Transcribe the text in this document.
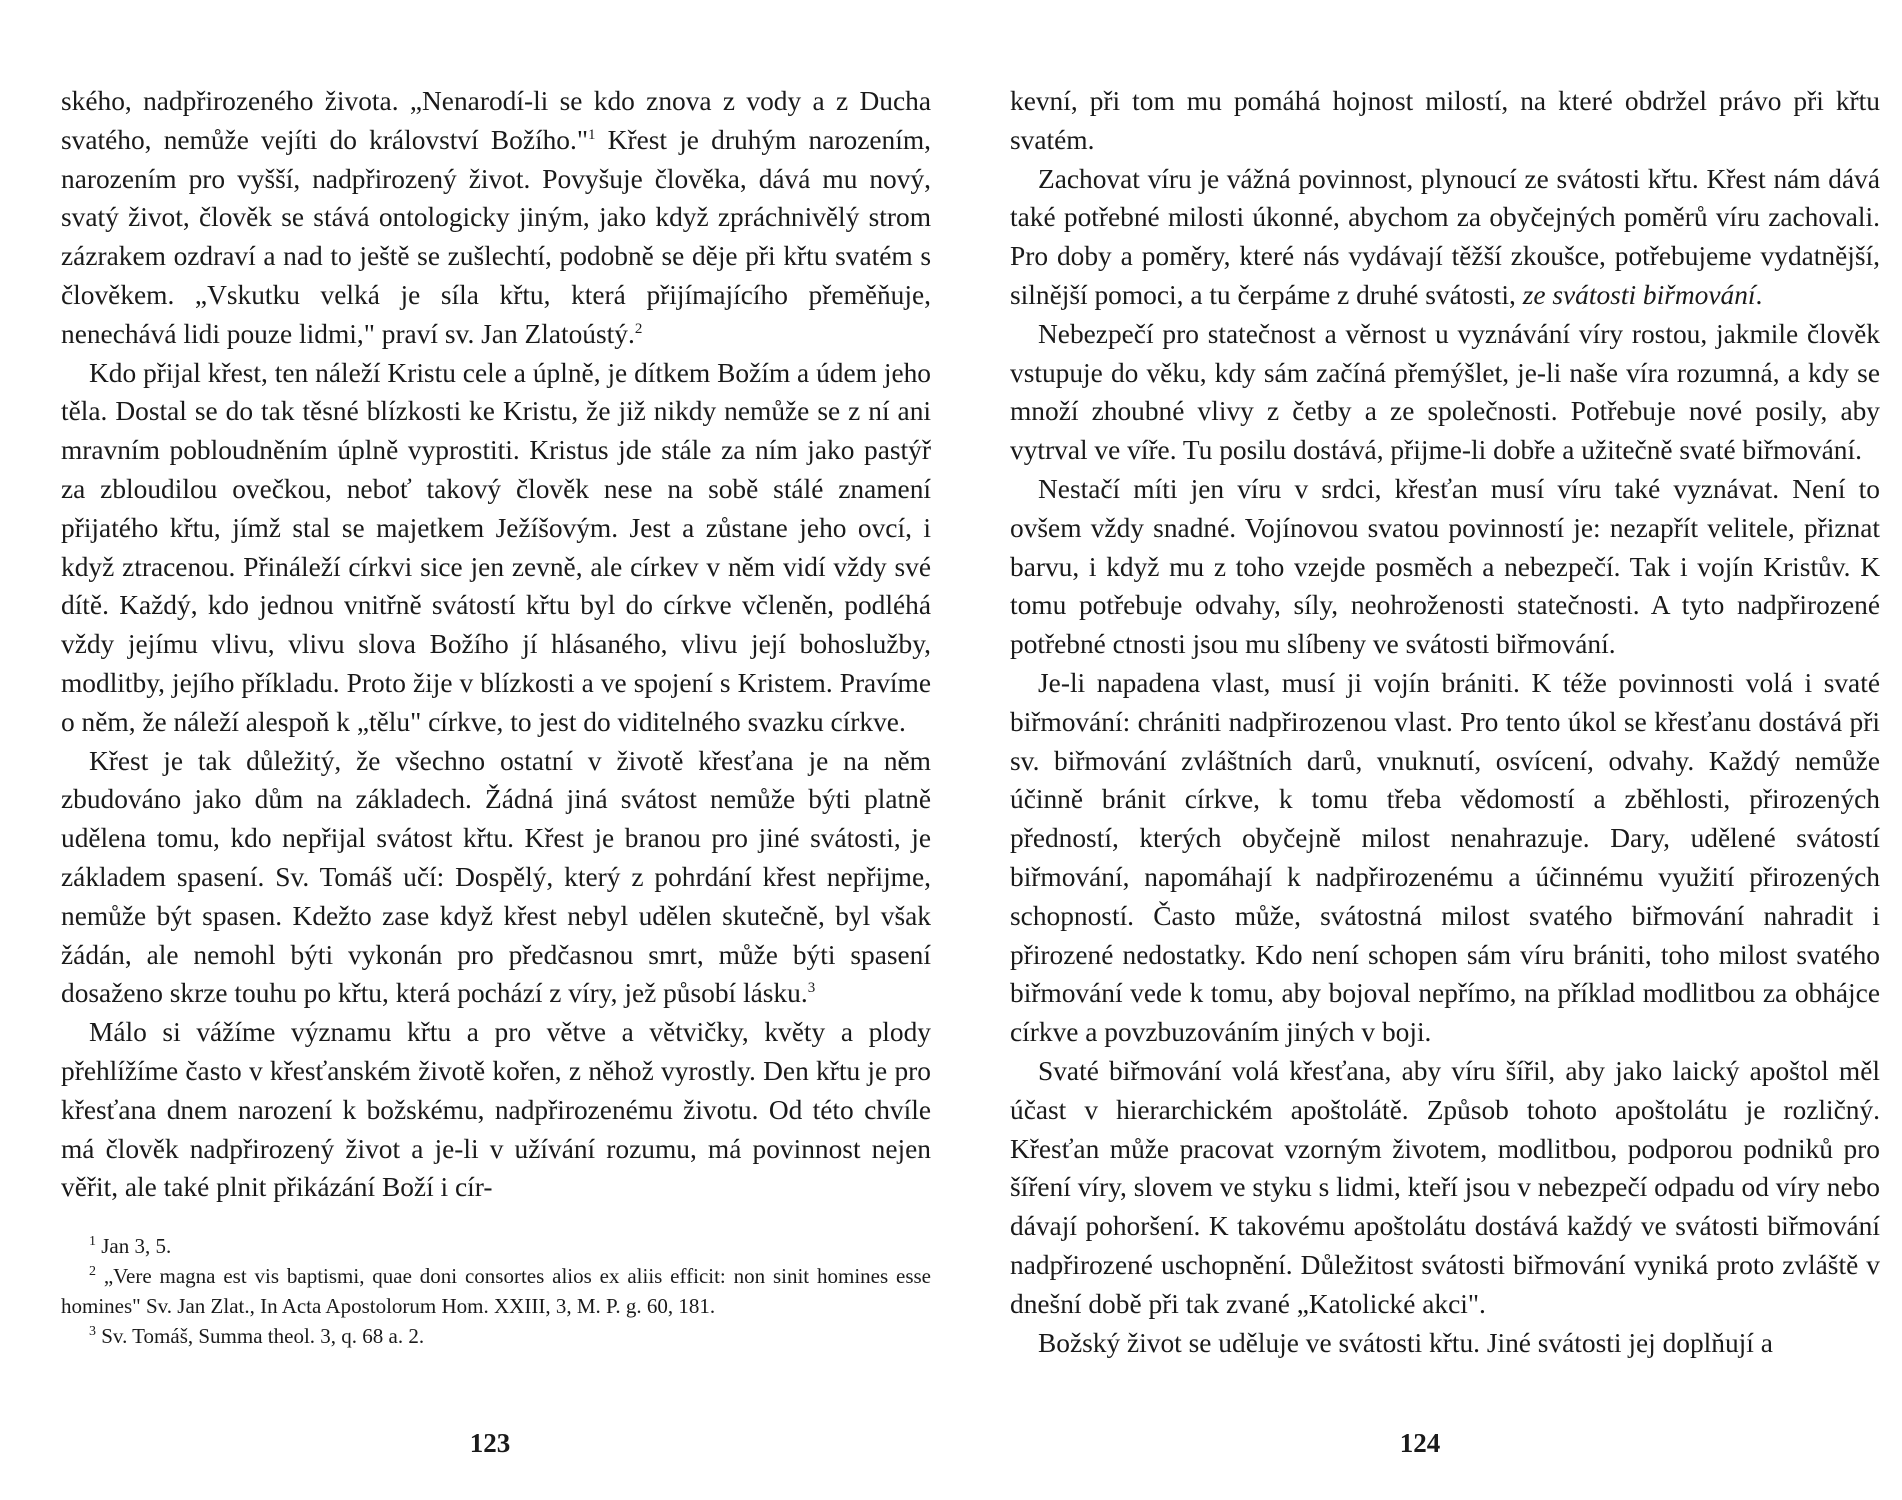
ského, nadpřirozeného života. „Nenarodí-li se kdo znova z vody a z Ducha svatého, nemůže vejíti do království Božího."$^1$ Křest je druhým narozením, narozením pro vyšší, nadpřirozený život. Povyšuje člověka, dává mu nový, svatý život, člověk se stává ontologicky jiným, jako když zpráchnivělý strom zázrakem ozdraví a nad to ještě se zušlechtí, podobně se děje při křtu svatém s člověkem. „Vskutku velká je síla křtu, která přijímajícího přeměňuje, nenechává lidi pouze lidmi," praví sv. Jan Zlatoústý.$^2$

Kdo přijal křest, ten náleží Kristu cele a úplně, je dítkem Božím a údem jeho těla. Dostal se do tak těsné blízkosti ke Kristu, že již nikdy nemůže se z ní ani mravním pobloudněním úplně vyprostiti. Kristus jde stále za ním jako pastýř za zbloudilou ovečkou, neboť takový člověk nese na sobě stálé znamení přijatého křtu, jímž stal se majetkem Ježíšovým. Jest a zůstane jeho ovcí, i když ztracenou. Přináleží církvi sice jen zevně, ale církev v něm vidí vždy své dítě. Každý, kdo jednou vnitřně svátostí křtu byl do církve včleněn, podléhá vždy jejímu vlivu, vlivu slova Božího jí hlásaného, vlivu její bohoslužby, modlitby, jejího příkladu. Proto žije v blízkosti a ve spojení s Kristem. Pravíme o něm, že náleží alespoň k „tělu" církve, to jest do viditelného svazku církve.

Křest je tak důležitý, že všechno ostatní v životě křesťana je na něm zbudováno jako dům na základech. Žádná jiná svátost nemůže býti platně udělena tomu, kdo nepřijal svátost křtu. Křest je branou pro jiné svátosti, je základem spasení. Sv. Tomáš učí: Dospělý, který z pohrdání křest nepřijme, nemůže být spasen. Kdežto zase když křest nebyl udělen skutečně, byl však žádán, ale nemohl býti vykonán pro předčasnou smrt, může býti spasení dosaženo skrze touhu po křtu, která pochází z víry, jež působí lásku.$^3$

Málo si vážíme významu křtu a pro větve a větvičky, květy a plody přehlížíme často v křesťanském životě kořen, z něhož vyrostly. Den křtu je pro křesťana dnem narození k božskému, nadpřirozenému životu. Od této chvíle má člověk nadpřirozený život a je-li v užívání rozumu, má povinnost nejen věřit, ale také plnit přikázání Boží i cír-

$^1$ Jan 3, 5.

$^2$ „Vere magna est vis baptismi, quae doni consortes alios ex aliis efficit: non sinit homines esse homines" Sv. Jan Zlat., In Acta Apostolorum Hom. XXIII, 3, M. P. g. 60, 181.

$^3$ Sv. Tomáš, Summa theol. 3, q. 68 a. 2.

123

kevní, při tom mu pomáhá hojnost milostí, na které obdržel právo při křtu svatém.

Zachovat víru je vážná povinnost, plynoucí ze svátosti křtu. Křest nám dává také potřebné milosti úkonné, abychom za obyčejných poměrů víru zachovali. Pro doby a poměry, které nás vydávají těžší zkoušce, potřebujeme vydatnější, silnější pomoci, a tu čerpáme z druhé svátosti, ze svátosti biřmování.

Nebezpečí pro statečnost a věrnost u vyznávání víry rostou, jakmile člověk vstupuje do věku, kdy sám začíná přemýšlet, je-li naše víra rozumná, a kdy se množí zhoubné vlivy z četby a ze společnosti. Potřebuje nové posily, aby vytrval ve víře. Tu posilu dostává, přijme-li dobře a užitečně svaté biřmování.

Nestačí míti jen víru v srdci, křesťan musí víru také vyznávat. Není to ovšem vždy snadné. Vojínovou svatou povinností je: nezapřít velitele, přiznat barvu, i když mu z toho vzejde posměch a nebezpečí. Tak i vojín Kristův. K tomu potřebuje odvahy, síly, neohroženosti statečnosti. A tyto nadpřirozené potřebné ctnosti jsou mu slíbeny ve svátosti biřmování.

Je-li napadena vlast, musí ji vojín brániti. K téže povinnosti volá i svaté biřmování: chrániti nadpřirozenou vlast. Pro tento úkol se křesťanu dostává při sv. biřmování zvláštních darů, vnuknutí, osvícení, odvahy. Každý nemůže účinně bránit církve, k tomu třeba vědomostí a zběhlosti, přirozených předností, kterých obyčejně milost nenahrazuje. Dary, udělené svátostí biřmování, napomáhají k nadpřirozenému a účinnému využití přirozených schopností. Často může, svátostná milost svatého biřmování nahradit i přirozené nedostatky. Kdo není schopen sám víru brániti, toho milost svatého biřmování vede k tomu, aby bojoval nepřímo, na příklad modlitbou za obhájce církve a povzbuzováním jiných v boji.

Svaté biřmování volá křesťana, aby víru šířil, aby jako laický apoštol měl účast v hierarchickém apoštolátě. Způsob tohoto apoštolátu je rozličný. Křesťan může pracovat vzorným životem, modlitbou, podporou podniků pro šíření víry, slovem ve styku s lidmi, kteří jsou v nebezpečí odpadu od víry nebo dávají pohoršení. K takovému apoštolátu dostává každý ve svátosti biřmování nadpřirozené uschopnění. Důležitost svátosti biřmování vyniká proto zvláště v dnešní době při tak zvané „Katolické akci".

Božský život se uděluje ve svátosti křtu. Jiné svátosti jej doplňují a

124
